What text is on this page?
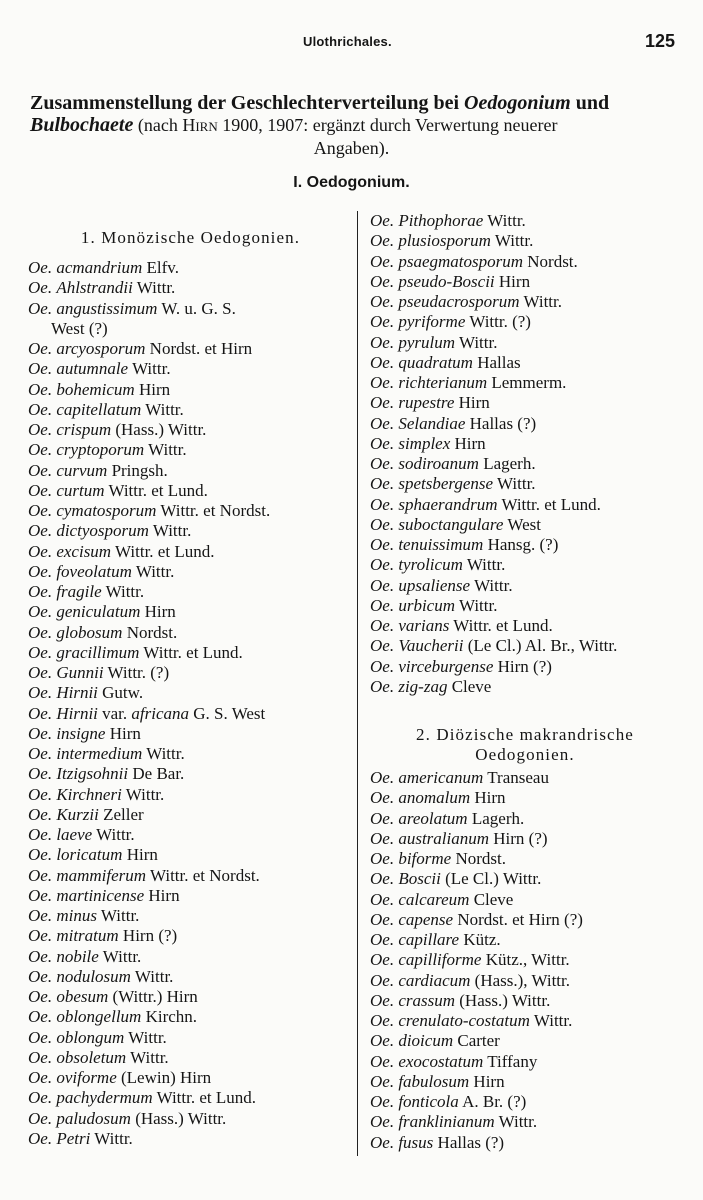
Ulothrichales.	125
Zusammenstellung der Geschlechterverteilung bei Oedogonium und
Bulbochaete (nach Hirn 1900, 1907: ergänzt durch Verwertung neuerer
Angaben).
I. Oedogonium.
1. Monözische Oedogonien.
Oe. acmandrium Elfv.
Oe. Ahlstrandii Wittr.
Oe. angustissimum W. u. G. S.
West (?)
Oe. arcyosporum Nordst. et Hirn
Oe. autumnale Wittr.
Oe. bohemicum Hirn
Oe. capitellatum Wittr.
Oe. crispum (Hass.) Wittr.
Oe. cryptoporum Wittr.
Oe. curvum Pringsh.
Oe. curtum Wittr. et Lund.
Oe. cymatosporum Wittr. et Nordst.
Oe. dictyosporum Wittr.
Oe. excisum Wittr. et Lund.
Oe. foveolatum Wittr.
Oe. fragile Wittr.
Oe. geniculatum Hirn
Oe. globosum Nordst.
Oe. gracillimum Wittr. et Lund.
Oe. Gunnii Wittr. (?)
Oe. Hirnii Gutw.
Oe. Hirnii var. africana G. S. West
Oe. insigne Hirn
Oe. intermedium Wittr.
Oe. Itzigsohnii De Bar.
Oe. Kirchneri Wittr.
Oe. Kurzii Zeller
Oe. laeve Wittr.
Oe. loricatum Hirn
Oe. mammiferum Wittr. et Nordst.
Oe. martinicense Hirn
Oe. minus Wittr.
Oe. mitratum Hirn (?)
Oe. nobile Wittr.
Oe. nodulosum Wittr.
Oe. obesum (Wittr.) Hirn
Oe. oblongellum Kirchn.
Oe. oblongum Wittr.
Oe. obsoletum Wittr.
Oe. oviforme (Lewin) Hirn
Oe. pachydermum Wittr. et Lund.
Oe. paludosum (Hass.) Wittr.
Oe. Petri Wittr.
Oe. Pithophorae Wittr.
Oe. plusiosporum Wittr.
Oe. psaegmatosporum Nordst.
Oe. pseudo-Boscii Hirn
Oe. pseudacrosporum Wittr.
Oe. pyriforme Wittr. (?)
Oe. pyrulum Wittr.
Oe. quadratum Hallas
Oe. richterianum Lemmerm.
Oe. rupestre Hirn
Oe. Selandiae Hallas (?)
Oe. simplex Hirn
Oe. sodiroanum Lagerh.
Oe. spetsbergense Wittr.
Oe. sphaerandrum Wittr. et Lund.
Oe. suboctangulare West
Oe. tenuissimum Hansg. (?)
Oe. tyrolicum Wittr.
Oe. upsaliense Wittr.
Oe. urbicum Wittr.
Oe. varians Wittr. et Lund.
Oe. Vaucherii (Le Cl.) Al. Br., Wittr.
Oe. virceburgense Hirn (?)
Oe. zig-zag Cleve
2. Diözische makrandrische
Oedogonien.
Oe. americanum Transeau
Oe. anomalum Hirn
Oe. areolatum Lagerh.
Oe. australianum Hirn (?)
Oe. biforme Nordst.
Oe. Boscii (Le Cl.) Wittr.
Oe. calcareum Cleve
Oe. capense Nordst. et Hirn (?)
Oe. capillare Kütz.
Oe. capilliforme Kütz., Wittr.
Oe. cardiacum (Hass.), Wittr.
Oe. crassum (Hass.) Wittr.
Oe. crenulato-costatum Wittr.
Oe. dioicum Carter
Oe. exocostatum Tiffany
Oe. fabulosum Hirn
Oe. fonticola A. Br. (?)
Oe. franklinianum Wittr.
Oe. fusus Hallas (?)
